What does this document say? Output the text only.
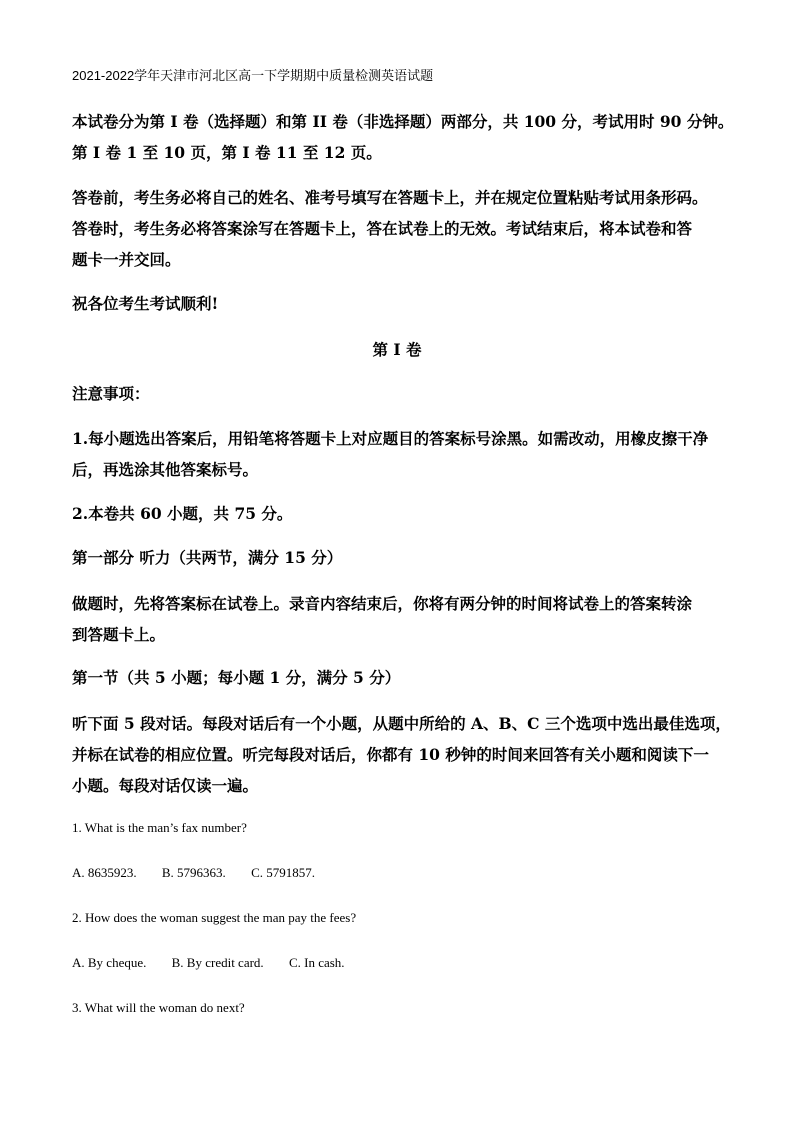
2021-2022学年天津市河北区高一下学期期中质量检测英语试题
本试卷分为第 I 卷（选择题）和第 II 卷（非选择题）两部分，共 100 分，考试用时 90 分钟。
第 I 卷 1 至 10 页，第 I 卷 11 至 12 页。
答卷前，考生务必将自己的姓名、准考号填写在答题卡上，并在规定位置粘贴考试用条形码。
答卷时，考生务必将答案涂写在答题卡上，答在试卷上的无效。考试结束后，将本试卷和答
题卡一并交回。
祝各位考生考试顺利!
第 I 卷
注意事项：
1.每小题选出答案后，用铅笔将答题卡上对应题目的答案标号涂黑。如需改动，用橡皮擦干净
后，再选涂其他答案标号。
2.本卷共 60 小题，共 75 分。
第一部分 听力（共两节，满分 15 分）
做题时，先将答案标在试卷上。录音内容结束后，你将有两分钟的时间将试卷上的答案转涂
到答题卡上。
第一节（共 5 小题；每小题 1 分，满分 5 分）
听下面 5 段对话。每段对话后有一个小题，从题中所给的 A、B、C 三个选项中选出最佳选项，
并标在试卷的相应位置。听完每段对话后，你都有 10 秒钟的时间来回答有关小题和阅读下一
小题。每段对话仅读一遍。
1. What is the man’s fax number?
A. 8635923. B. 5796363. C. 5791857.
2. How does the woman suggest the man pay the fees?
A. By cheque. B. By credit card. C. In cash.
3. What will the woman do next?
